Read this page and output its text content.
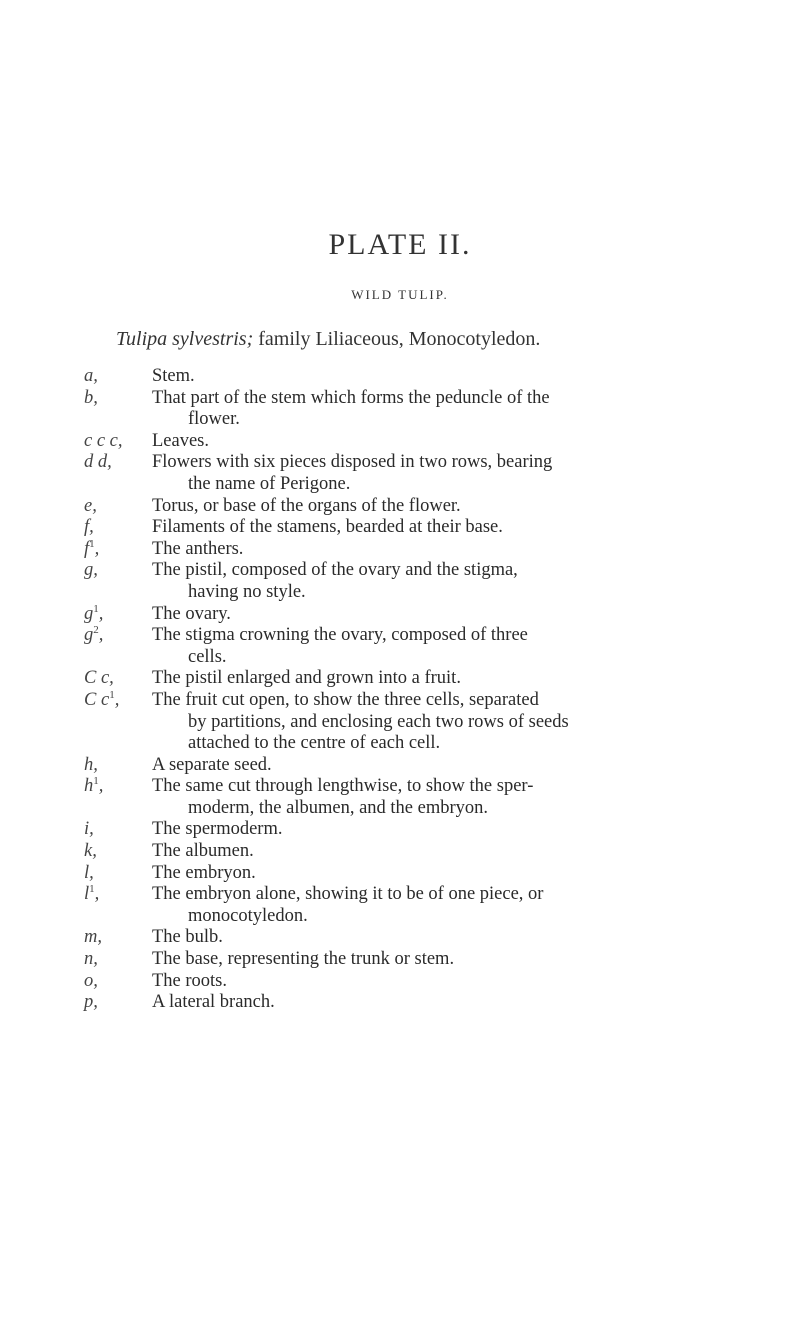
PLATE II.
WILD TULIP.
Tulipa sylvestris; family Liliaceous, Monocotyledon.
a,	Stem.
b,	That part of the stem which forms the peduncle of the
flower.
c c c,	Leaves.
d d,	Flowers with six pieces disposed in two rows, bearing
the name of Perigone.
e,	Torus, or base of the organs of the flower.
f,	Filaments of the stamens, bearded at their base.
$f^1$,	The anthers.
g,	The pistil, composed of the ovary and the stigma,
having no style.
$g^1$,	The ovary.
$g^2$,	The stigma crowning the ovary, composed of three
cells.
C c,	The pistil enlarged and grown into a fruit.
C $c^1$,	The fruit cut open, to show the three cells, separated
by partitions, and enclosing each two rows of seeds
attached to the centre of each cell.
h,	A separate seed.
$h^1$,	The same cut through lengthwise, to show the sper-
moderm, the albumen, and the embryon.
i,	The spermoderm.
k,	The albumen.
l,	The embryon.
$l^1$,	The embryon alone, showing it to be of one piece, or
monocotyledon.
m,	The bulb.
n,	The base, representing the trunk or stem.
o,	The roots.
p,	A lateral branch.
